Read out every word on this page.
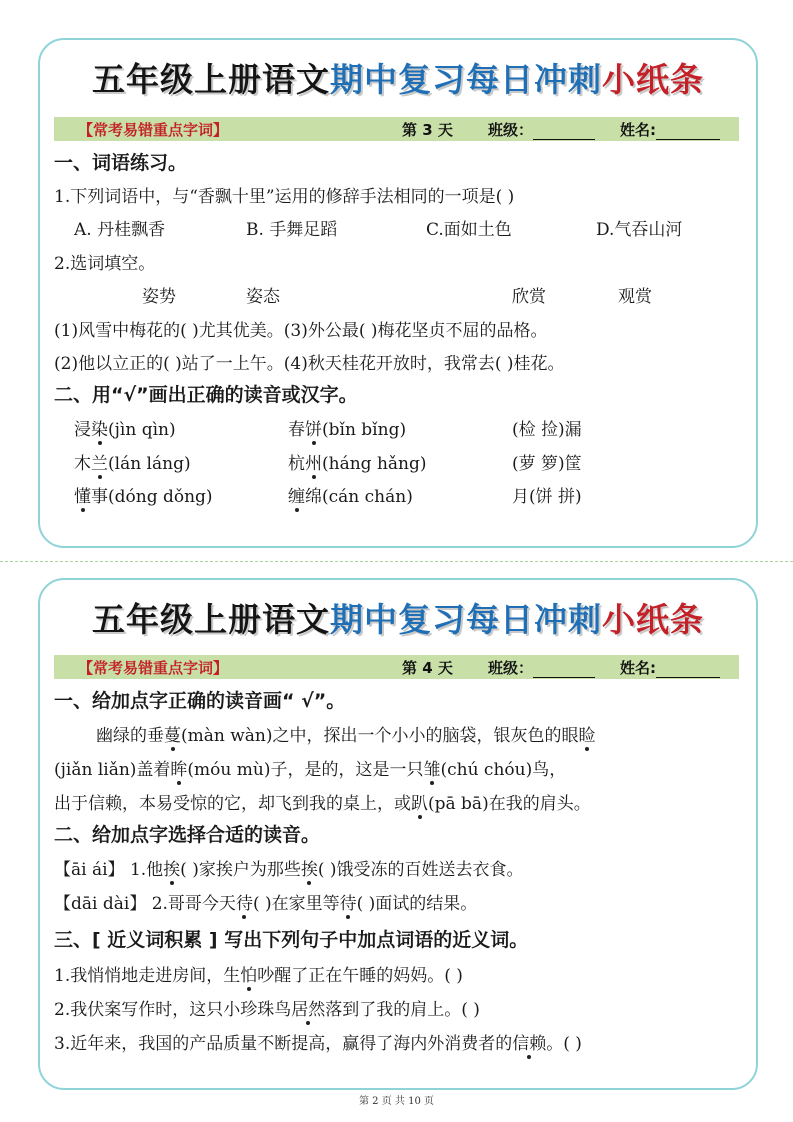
五年级上册语文期中复习每日冲刺小纸条
【常考易错重点字词】	第 3 天 班级：	姓名:
一、词语练习。
1.下列词语中，与“香飘十里”运用的修辞手法相同的一项是( )
A. 丹桂飘香	B. 手舞足蹈	C.面如土色	D.气吞山河
2.选词填空。
姿势	姿态	欣赏	观赏
(1)风雪中梅花的( )尤其优美。(3)外公最( )梅花坚贞不屈的品格。
(2)他以立正的( )站了一上午。(4)秋天桂花开放时，我常去( )桂花。
二、用“√”画出正确的读音或汉字。
浸染(jìn qìn)	春饼(bǐn bǐng)	(检 捡)漏
木兰(lán láng)	杭州(háng hǎng)	(萝 箩)筐
懂事(dóng dǒng)	缠绵(cán chán)	月(饼 拼)
五年级上册语文期中复习每日冲刺小纸条
【常考易错重点字词】	第 4 天 班级：	姓名:
一、给加点字正确的读音画“ √”。
幽绿的垂蔓(màn wàn)之中，探出一个小小的脑袋，银灰色的眼睑
(jiǎn liǎn)盖着眸(móu mù)子，是的，这是一只雏(chú chóu)鸟，
出于信赖，本易受惊的它，却飞到我的桌上，或趴(pā bā)在我的肩头。
二、给加点字选择合适的读音。
【āi ái】 1.他挨( )家挨户为那些挨( )饿受冻的百姓送去衣食。
【dāi dài】 2.哥哥今天待( )在家里等待( )面试的结果。
三、[ 近义词积累 ] 写出下列句子中加点词语的近义词。
1.我悄悄地走进房间，生怕吵醒了正在午睡的妈妈。( )
2.我伏案写作时，这只小珍珠鸟居然落到了我的肩上。( )
3.近年来，我国的产品质量不断提高，赢得了海内外消费者的信赖。( )
第 2 页 共 10 页
